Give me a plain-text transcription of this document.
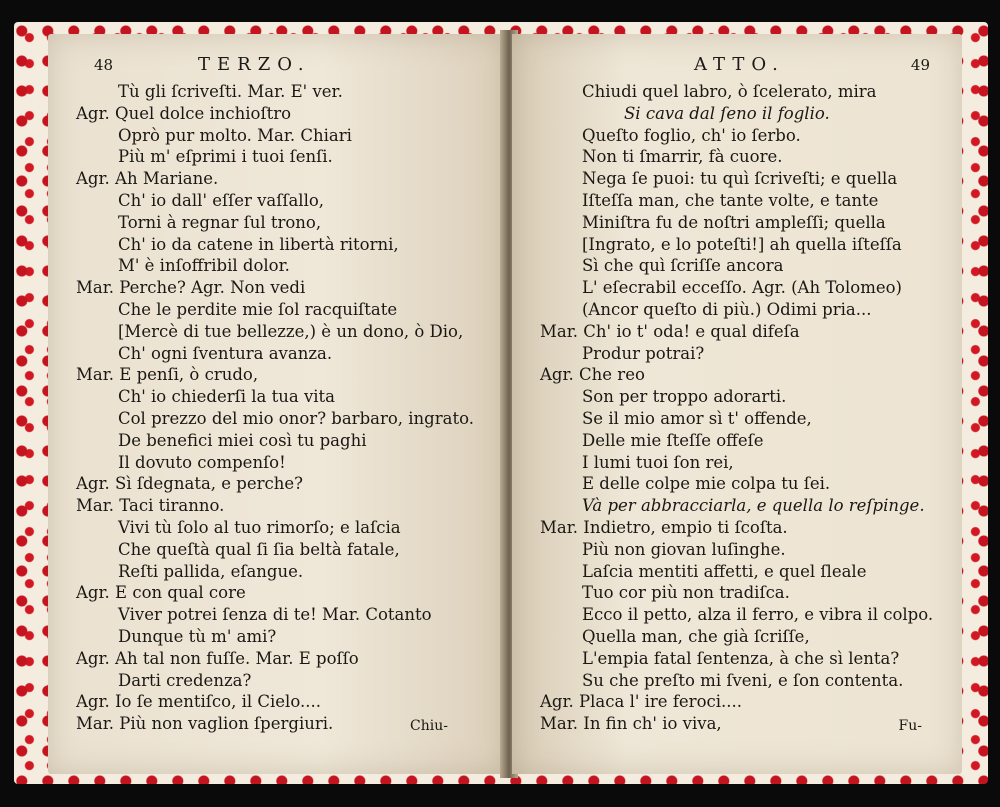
48	TERZO.
Tù gli ſcriveſti. Mar. E' ver.
Agr. Quel dolce inchioſtro
Oprò pur molto. Mar. Chiari
Più m' eſprimi i tuoi ſenſi.
Agr. Ah Mariane.
Ch' io dall' eſſer vaſſallo,
Torni à regnar ſul trono,
Ch' io da catene in libertà ritorni,
M' è inſoffribil dolor.
Mar. Perche? Agr. Non vedi
Che le perdite mie ſol racquiſtate
[Mercè di tue bellezze,) è un dono, ò Dio,
Ch' ogni ſventura avanza.
Mar. E penſi, ò crudo,
Ch' io chiederſi la tua vita
Col prezzo del mio onor? barbaro, ingrato.
De benefici miei così tu paghi
Il dovuto compenſo!
Agr. Sì ſdegnata, e perche?
Mar. Taci tiranno.
Vivi tù ſolo al tuo rimorſo; e laſcia
Che queſtà qual ſi ſia beltà fatale,
Reſti pallida, eſangue.
Agr. E con qual core
Viver potrei ſenza di te! Mar. Cotanto
Dunque tù m' ami?
Agr. Ah tal non fuſſe. Mar. E poſſo
Darti credenza?
Agr. Io ſe mentiſco, il Cielo....
Mar. Più non vaglion ſpergiuri.	Chiu-
ATTO.	49
Chiudi quel labro, ò ſcelerato, mira
Si cava dal ſeno il foglio.
Queſto foglio, ch' io ſerbo.
Non ti ſmarrir, fà cuore.
Nega ſe puoi: tu quì ſcriveſti; e quella
Iſteſſa man, che tante volte, e tante
Miniſtra fu de noſtri ampleſſi; quella
[Ingrato, e lo poteſti!] ah quella iſteſſa
Sì che quì ſcriſſe ancora
L' eſecrabil ecceſſo. Agr. (Ah Tolomeo)
(Ancor queſto di più.) Odimi pria...
Mar. Ch' io t' oda! e qual difeſa
Produr potrai?
Agr. Che reo
Son per troppo adorarti.
Se il mio amor sì t' offende,
Delle mie ſteſſe offeſe
I lumi tuoi ſon rei,
E delle colpe mie colpa tu ſei.
Và per abbracciarla, e quella lo reſpinge.
Mar. Indietro, empio ti ſcoſta.
Più non giovan luſinghe.
Laſcia mentiti affetti, e quel ſleale
Tuo cor più non tradiſca.
Ecco il petto, alza il ferro, e vibra il colpo.
Quella man, che già ſcriſſe,
L'empia fatal ſentenza, à che sì lenta?
Su che preſto mi ſveni, e ſon contenta.
Agr. Placa l' ire feroci....
Mar. In fin ch' io viva,	Fu-
